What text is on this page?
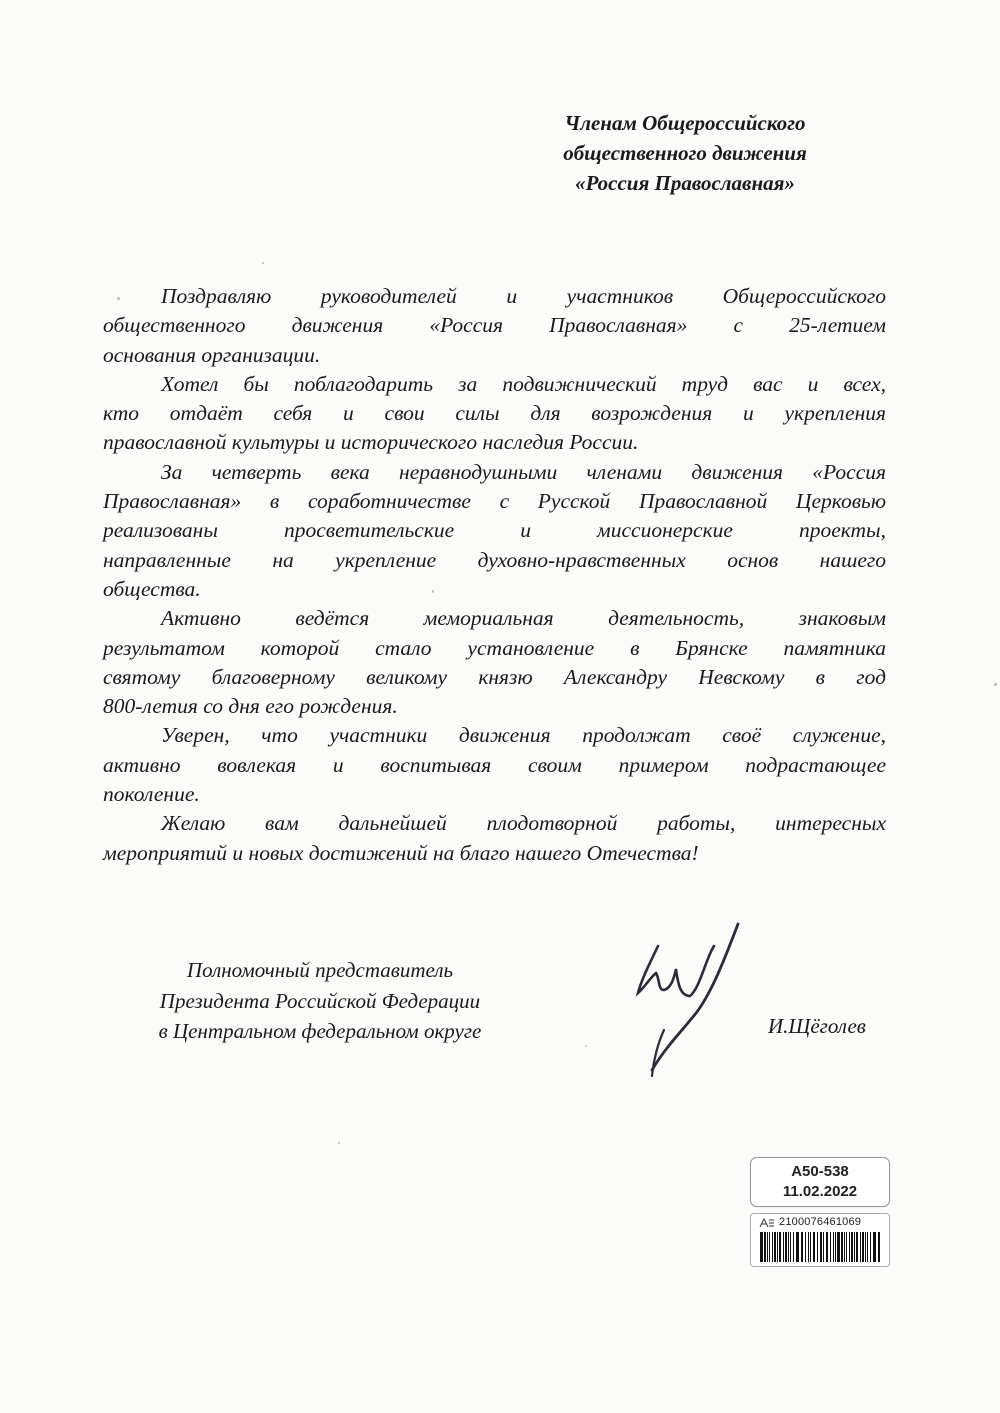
Членам Общероссийского
общественного движения
«Россия Православная»

Поздравляю руководителей и участников Общероссийского
общественного движения «Россия Православная» с 25-летием
основания организации.

Хотел бы поблагодарить за подвижнический труд вас и всех,
кто отдаёт себя и свои силы для возрождения и укрепления
православной культуры и исторического наследия России.

За четверть века неравнодушными членами движения «Россия
Православная» в соработничестве с Русской Православной Церковью
реализованы просветительские и миссионерские проекты,
направленные на укрепление духовно-нравственных основ нашего
общества.

Активно ведётся мемориальная деятельность, знаковым
результатом которой стало установление в Брянске памятника
святому благоверному великому князю Александру Невскому в год
800-летия со дня его рождения.

Уверен, что участники движения продолжат своё служение,
активно вовлекая и воспитывая своим примером подрастающее
поколение.

Желаю вам дальнейшей плодотворной работы, интересных
мероприятий и новых достижений на благо нашего Отечества!

Полномочный представитель
Президента Российской Федерации
в Центральном федеральном округе	И.Щёголев
А50-538
11.02.2022
2100076461069
